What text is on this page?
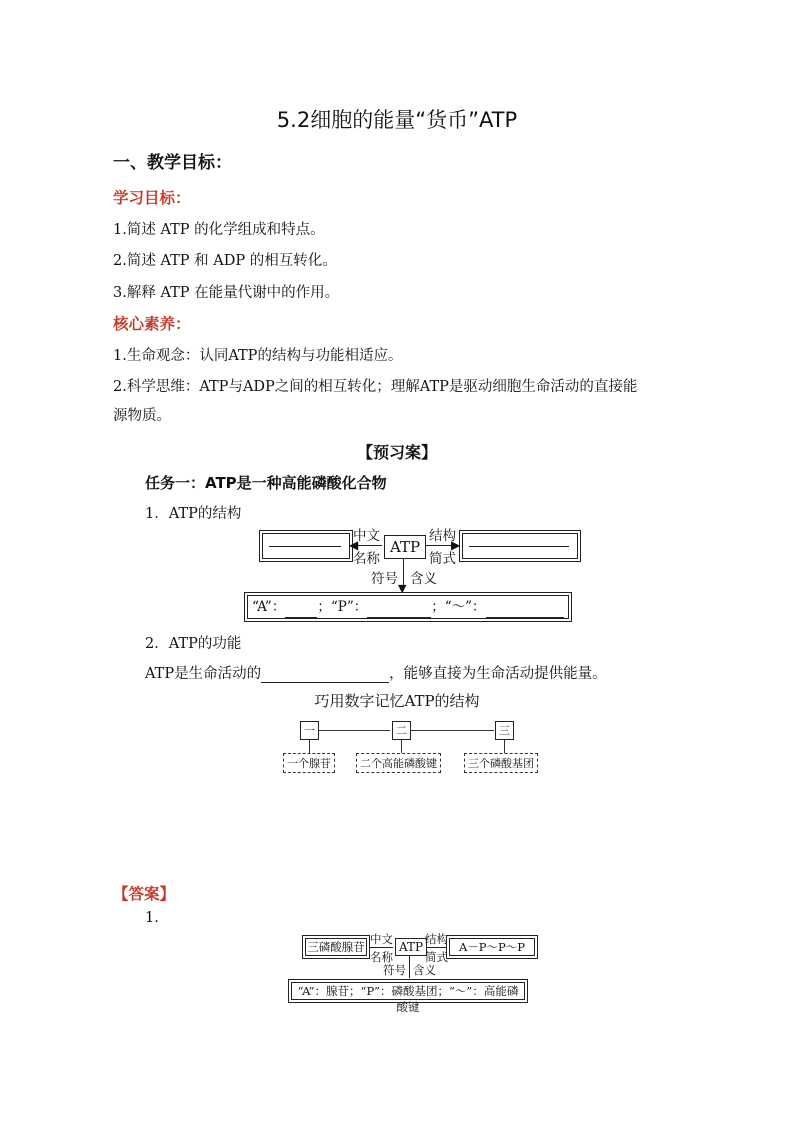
5.2细胞的能量“货币”ATP
一、教学目标：
学习目标：
1.简述 ATP 的化学组成和特点。
2.简述 ATP 和 ADP 的相互转化。
3.解释 ATP 在能量代谢中的作用。
核心素养：
1.生命观念：认同ATP的结构与功能相适应。
2.科学思维：ATP与ADP之间的相互转化；理解ATP是驱动细胞生命活动的直接能
源物质。
【预习案】
任务一：ATP是一种高能磷酸化合物
1．ATP的结构
中文
名称
◀	ATP	▶
结构
简式
▼
符号 含义
“A”： ；“P”：	；“～”：
2．ATP的功能
ATP是生命活动的	，能够直接为生命活动提供能量。
巧用数字记忆ATP的结构
一	二	三
一个腺苷	二个高能磷酸键	三个磷酸基团
【答案】
1.
三磷酸腺苷
中文
名称
ATP
结构
简式
A－P～P～P
符号 含义
“A”：腺苷；“P”：磷酸基团；“～”：高能磷酸键
